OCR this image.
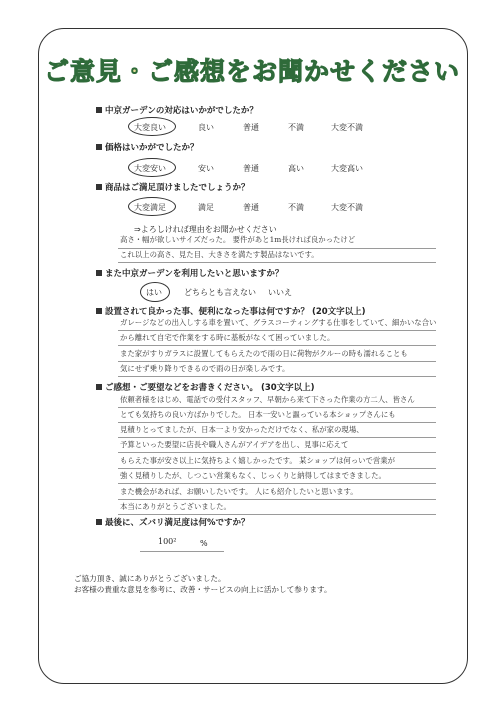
ご意見・ご感想をお聞かせください
中京ガーデンの対応はいかがでしたか？
大変良い	良い	普通	不満	大変不満
価格はいかがでしたか？
大変安い	安い	普通	高い	大変高い
商品はご満足頂けましたでしょうか？
大変満足	満足	普通	不満	大変不満
⇒よろしければ理由をお聞かせください
高さ・幅が欲しいサイズだった。 要件があと1m長ければ良かったけど
これ以上の高さ、見た目、大きさを満たす製品はないです。
また中京ガーデンを利用したいと思いますか？
はい	どちらとも言えない いいえ
設置されて良かった事、便利になった事は何ですか？ (20文字以上)
ガレージなどの出入しする車を置いて、グラスコーティングする仕事をしていて、細かいな合い
から離れて自宅で作業をする時に基板がなくて困っていました。
また家がすりガラスに設置してもらえたので雨の日に荷物がクルーの時も濡れることも
気にせず乗り降りできるので雨の日が楽しみです。
ご感想・ご要望などをお書きください。 (30文字以上)
依頼者様をはじめ、電話での受付スタッフ、早朝から来て下さった作業の方二人、皆さん
とても気持ちの良い方ばかりでした。 日本一安いと謳っている本ショップさんにも
見積りとってましたが、日本一より安かっただけでなく、私が家の現場、
予算といった要望に店長や職人さんがアイデアを出し、見事に応えて
もらえた事が安さ以上に気持ちよく嬉しかったです。 某ショップは何っいで営業が
強く見積りしたが、しつこい営業もなく、じっくりと納得してはまできました。
また機会があれば、お願いしたいです。 人にも紹介したいと思います。
本当にありがとうございました。
最後に、ズバリ満足度は何%ですか？
100²	%
ご協力頂き、誠にありがとうございました。
お客様の貴重な意見を参考に、改善・サービスの向上に活かして参ります。
